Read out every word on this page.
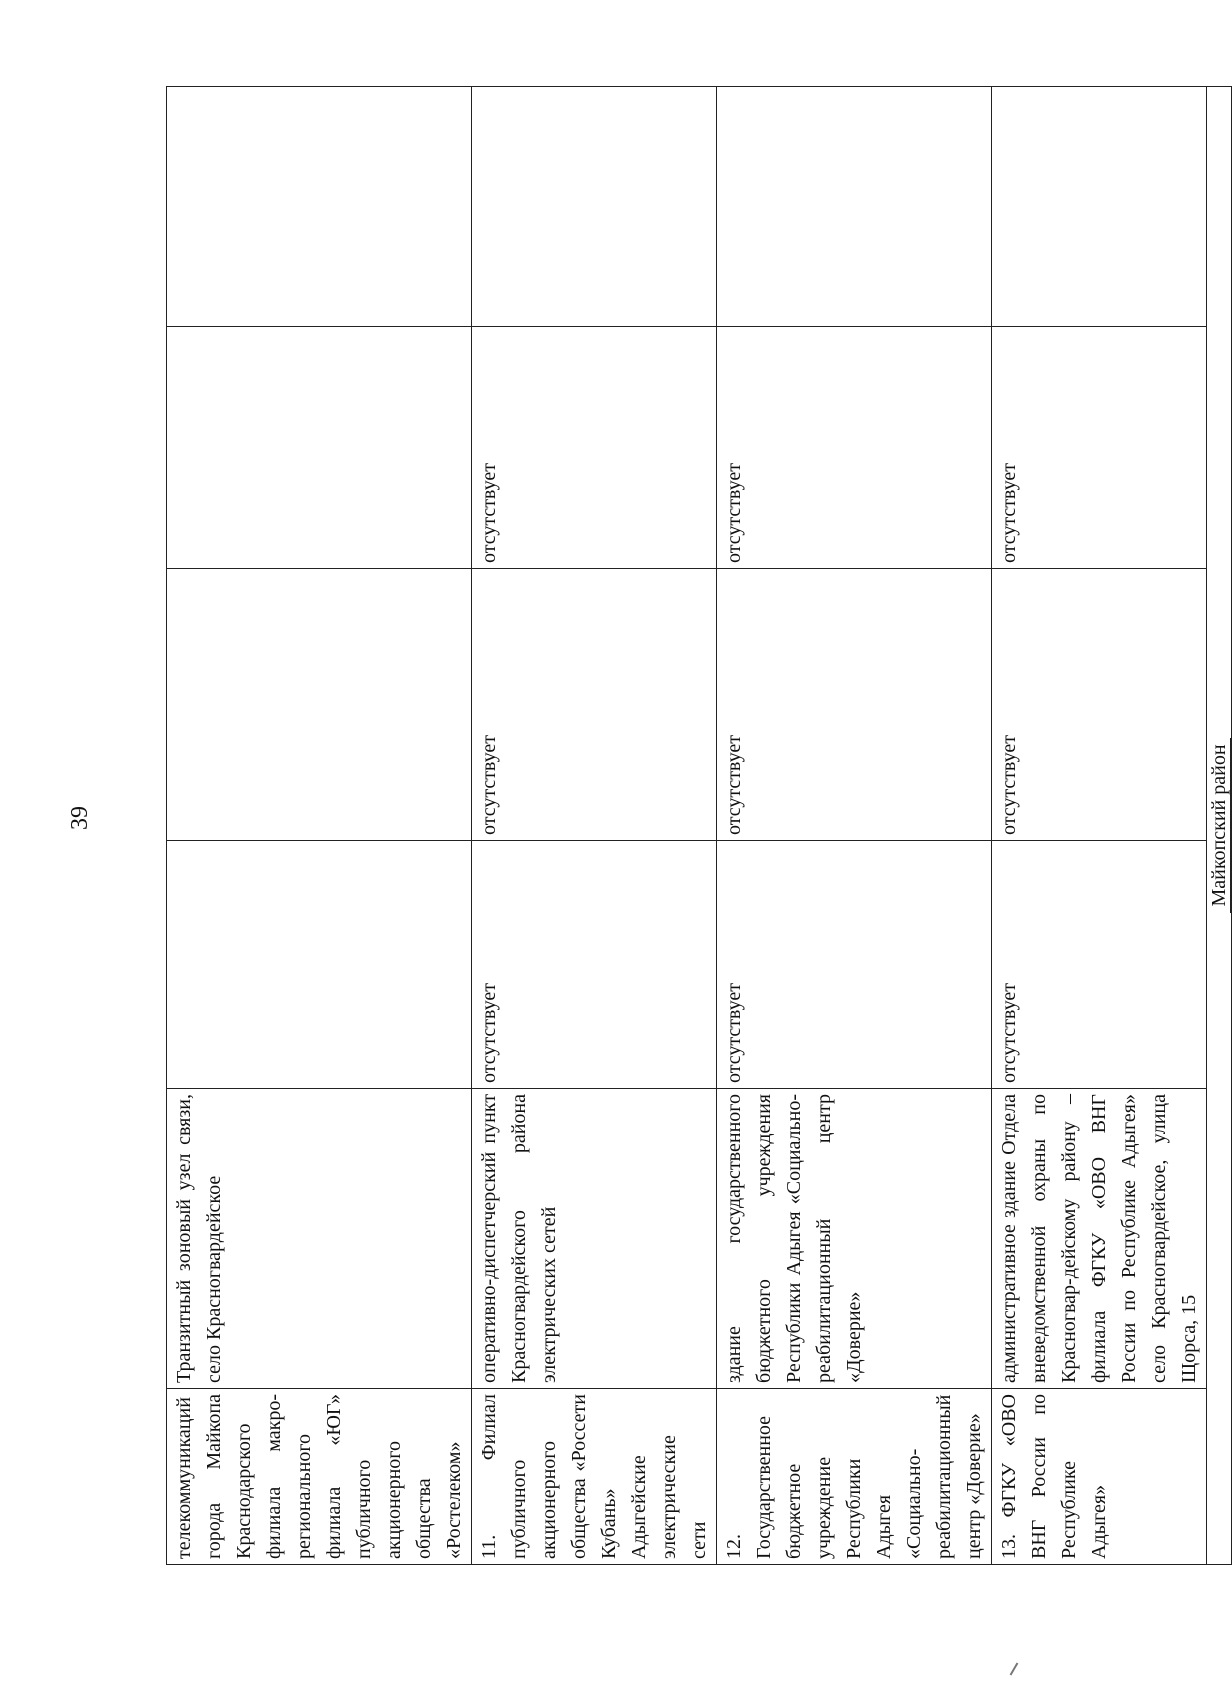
39
телекоммуникаций города Майкопа Краснодарского филиала макро-регионального филиала «ЮГ» публичного акционерного общества «Ростелеком»	Транзитный зоновый узел связи, село Красногвардейское				
11. Филиал публичного акционерного общества «Россети Кубань» Адыгейские электрические сети	оперативно-диспетчерский пункт Красногвардейского района электрических сетей	отсутствует	отсутствует	отсутствует	
12. Государственное бюджетное учреждение Республики Адыгея «Социально-реабилитационный центр «Доверие»	здание государственного бюджетного учреждения Республики Адыгея «Социально-реабилитационный центр «Доверие»	отсутствует	отсутствует	отсутствует	
13. ФГКУ «ОВО ВНГ России по Республике Адыгея»	административное здание Отдела вневедомственной охраны по Красногвар-дейскому району – филиала ФГКУ «ОВО ВНГ России по Республике Адыгея» село Красногвардейское, улица Щорса, 15	отсутствует	отсутствует	отсутствует	
Майкопский район					
